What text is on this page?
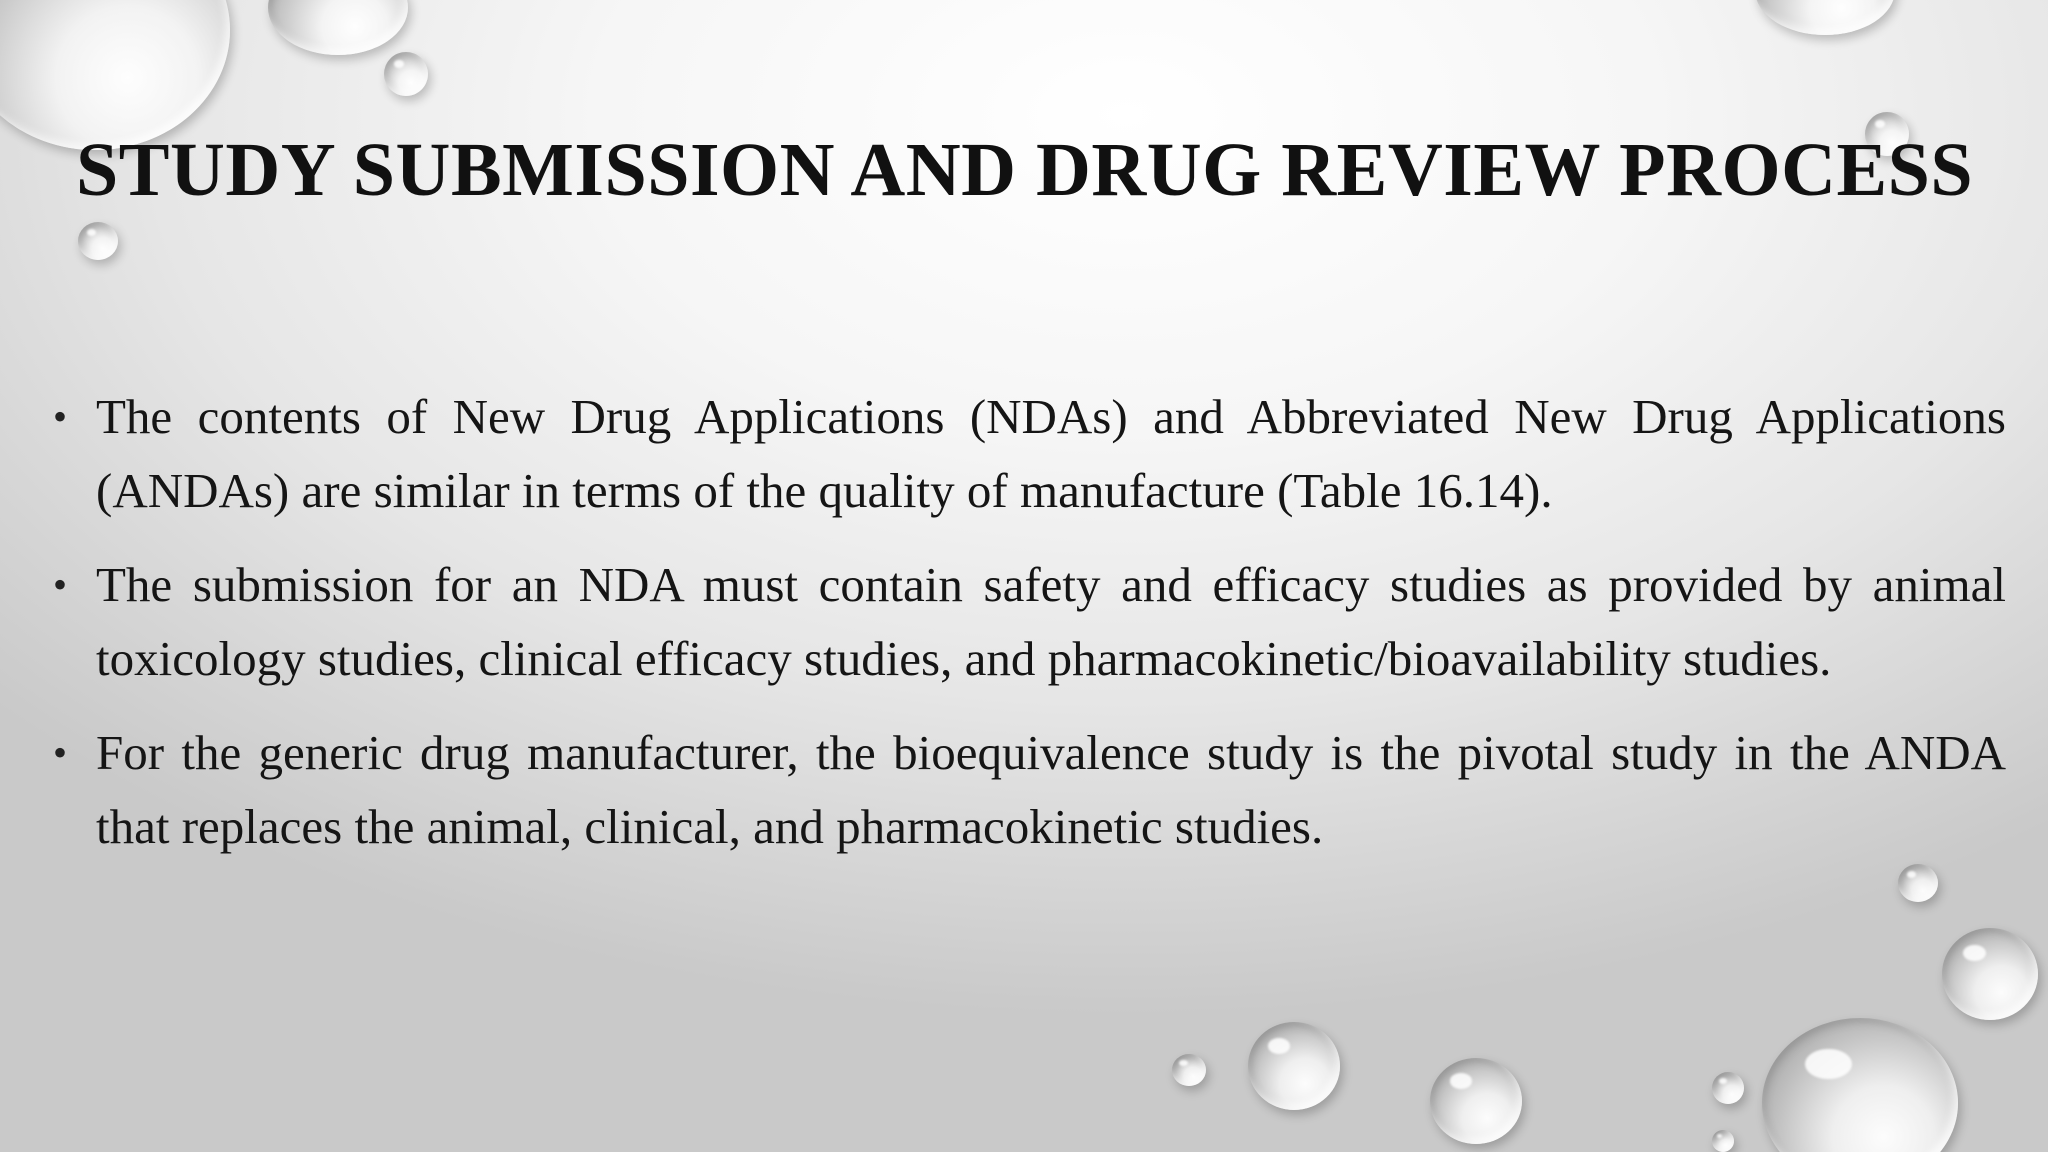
STUDY SUBMISSION AND DRUG REVIEW PROCESS
• The contents of New Drug Applications (NDAs) and Abbreviated New Drug Applications (ANDAs) are similar in terms of the quality of manufacture (Table 16.14).
• The submission for an NDA must contain safety and efficacy studies as provided by animal toxicology studies, clinical efficacy studies, and pharmacokinetic/bioavailability studies.
• For the generic drug manufacturer, the bioequivalence study is the pivotal study in the ANDA that replaces the animal, clinical, and pharmacokinetic studies.
